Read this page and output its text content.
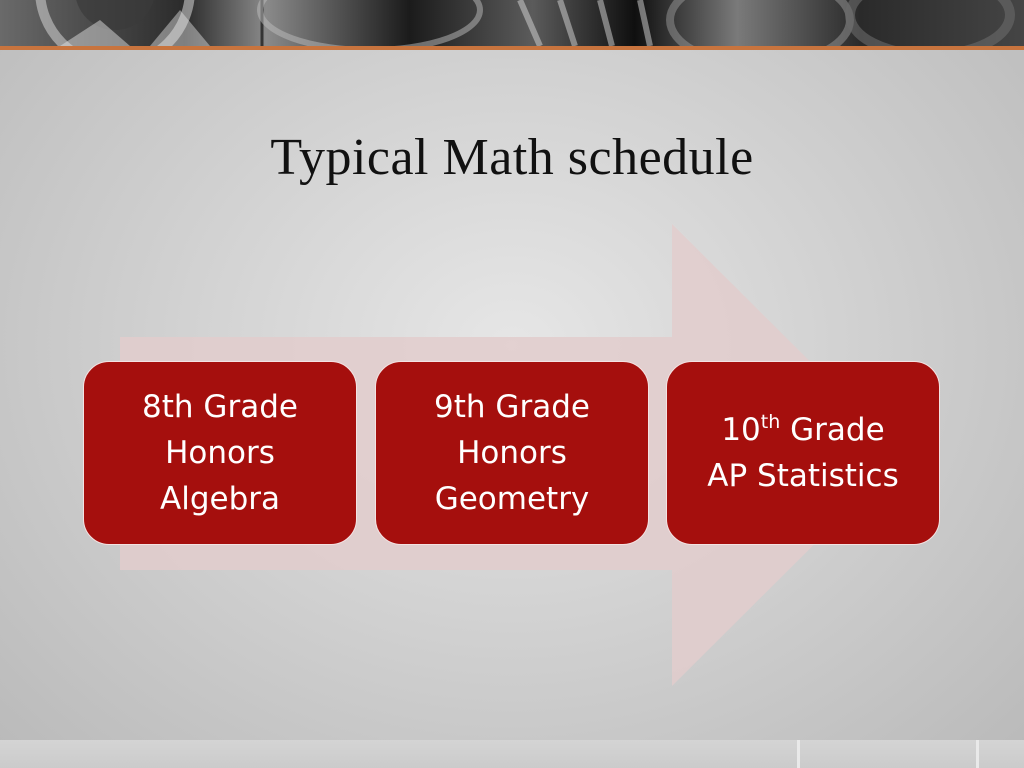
Typical Math schedule
8th Grade
Honors
Algebra
9th Grade
Honors
Geometry
10th Grade
AP Statistics
